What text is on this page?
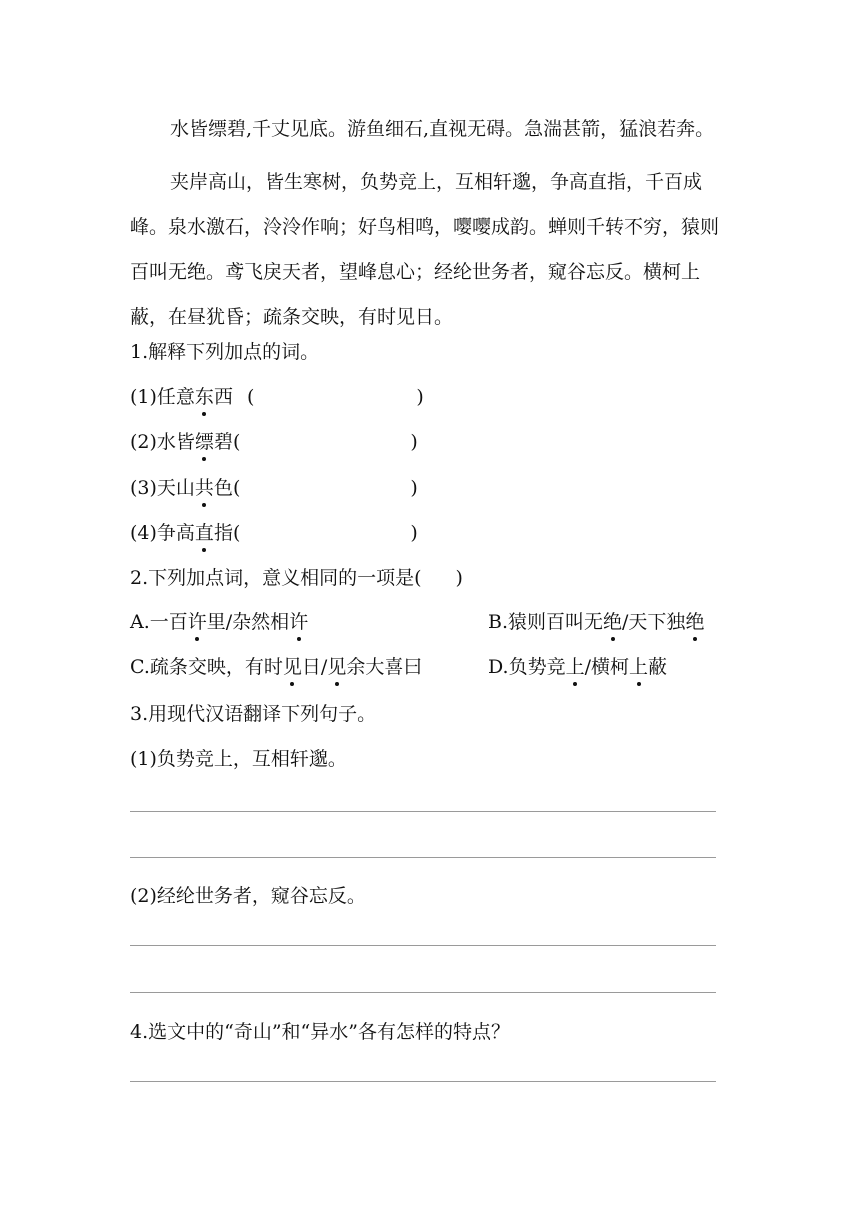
水皆缥碧,千丈见底。游鱼细石,直视无碍。急湍甚箭，猛浪若奔。
夹岸高山，皆生寒树，负势竞上，互相轩邈，争高直指，千百成峰。泉水激石，泠泠作响；好鸟相鸣，嘤嘤成韵。蝉则千转不穷，猿则百叫无绝。鸢飞戾天者，望峰息心；经纶世务者，窥谷忘反。横柯上蔽，在昼犹昏；疏条交映，有时见日。
1.解释下列加点的词。
(1)任意东西 (	)
(2)水皆缥碧(	)
(3)天山共色(	)
(4)争高直指(	)
2.下列加点词，意义相同的一项是( )
A.一百许里/杂然相许	B.猿则百叫无绝/天下独绝
C.疏条交映，有时见日/见余大喜曰	D.负势竞上/横柯上蔽
3.用现代汉语翻译下列句子。
(1)负势竞上，互相轩邈。
(2)经纶世务者，窥谷忘反。
4.选文中的“奇山”和“异水”各有怎样的特点？
